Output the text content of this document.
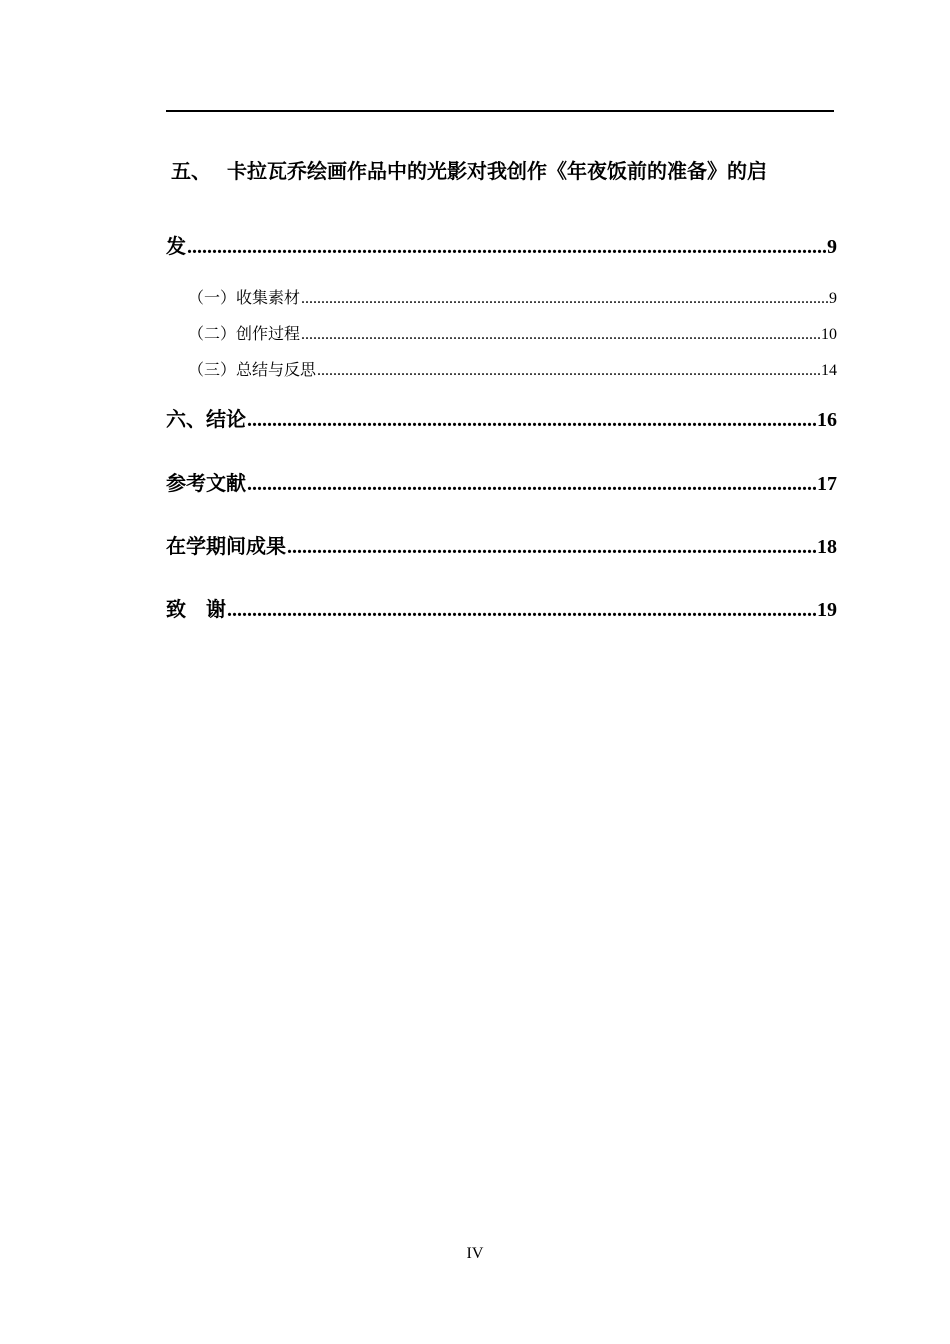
五、 卡拉瓦乔绘画作品中的光影对我创作《年夜饭前的准备》的启
发 .....	9
（一）收集素材 .....	9
（二）创作过程 .....	10
（三）总结与反思 .....	14
六、 结论 .....	16
参考文献 .....	17
在学期间成果 .....	18
致　谢 .....	19
IV
